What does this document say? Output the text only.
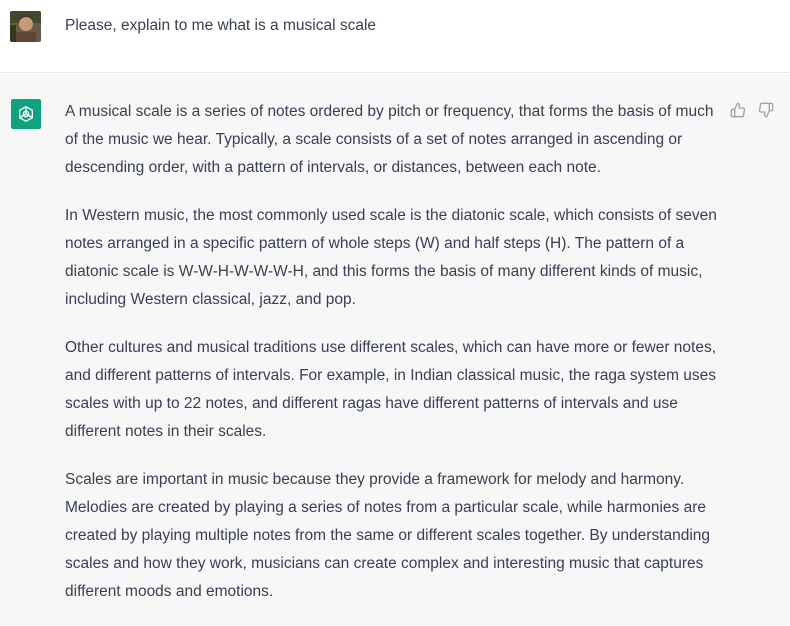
Please, explain to me what is a musical scale

A musical scale is a series of notes ordered by pitch or frequency, that forms the basis of much of the music we hear. Typically, a scale consists of a set of notes arranged in ascending or descending order, with a pattern of intervals, or distances, between each note.

In Western music, the most commonly used scale is the diatonic scale, which consists of seven notes arranged in a specific pattern of whole steps (W) and half steps (H). The pattern of a diatonic scale is W-W-H-W-W-W-H, and this forms the basis of many different kinds of music, including Western classical, jazz, and pop.

Other cultures and musical traditions use different scales, which can have more or fewer notes, and different patterns of intervals. For example, in Indian classical music, the raga system uses scales with up to 22 notes, and different ragas have different patterns of intervals and use different notes in their scales.

Scales are important in music because they provide a framework for melody and harmony. Melodies are created by playing a series of notes from a particular scale, while harmonies are created by playing multiple notes from the same or different scales together. By understanding scales and how they work, musicians can create complex and interesting music that captures different moods and emotions.
